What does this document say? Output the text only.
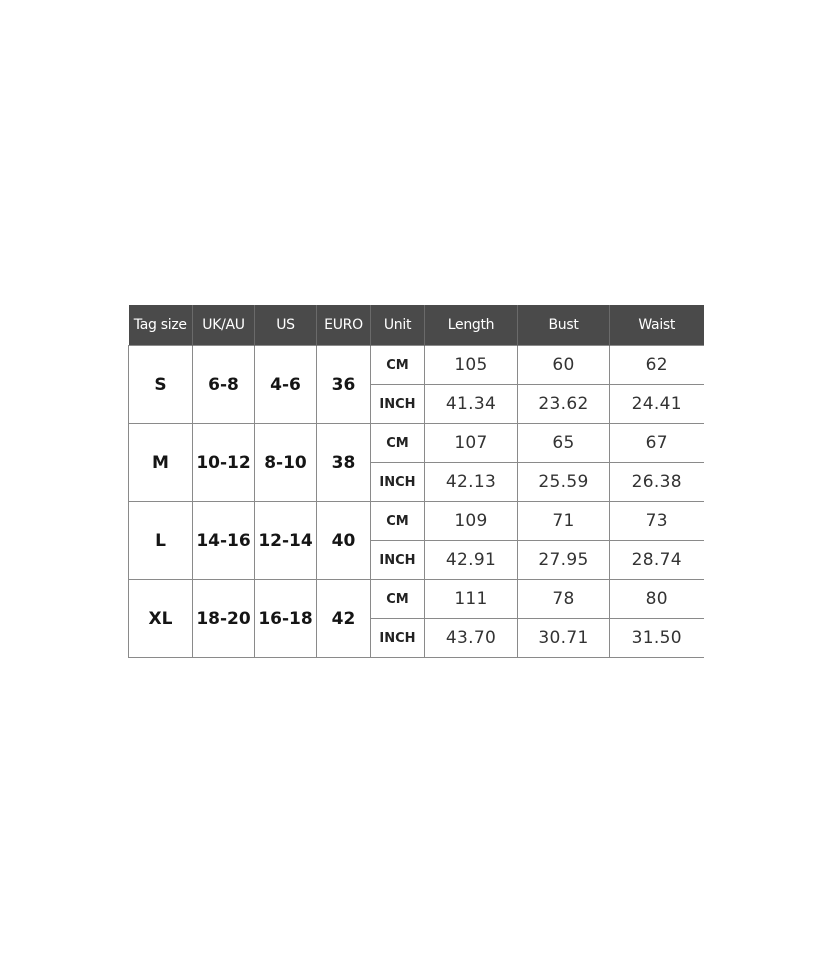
Tag size	UK/AU	US	EURO	Unit	Length	Bust	Waist
S	6-8	4-6	36	CM	105	60	62
				INCH	41.34	23.62	24.41
M	10-12	8-10	38	CM	107	65	67
				INCH	42.13	25.59	26.38
L	14-16	12-14	40	CM	109	71	73
				INCH	42.91	27.95	28.74
XL	18-20	16-18	42	CM	111	78	80
				INCH	43.70	30.71	31.50
